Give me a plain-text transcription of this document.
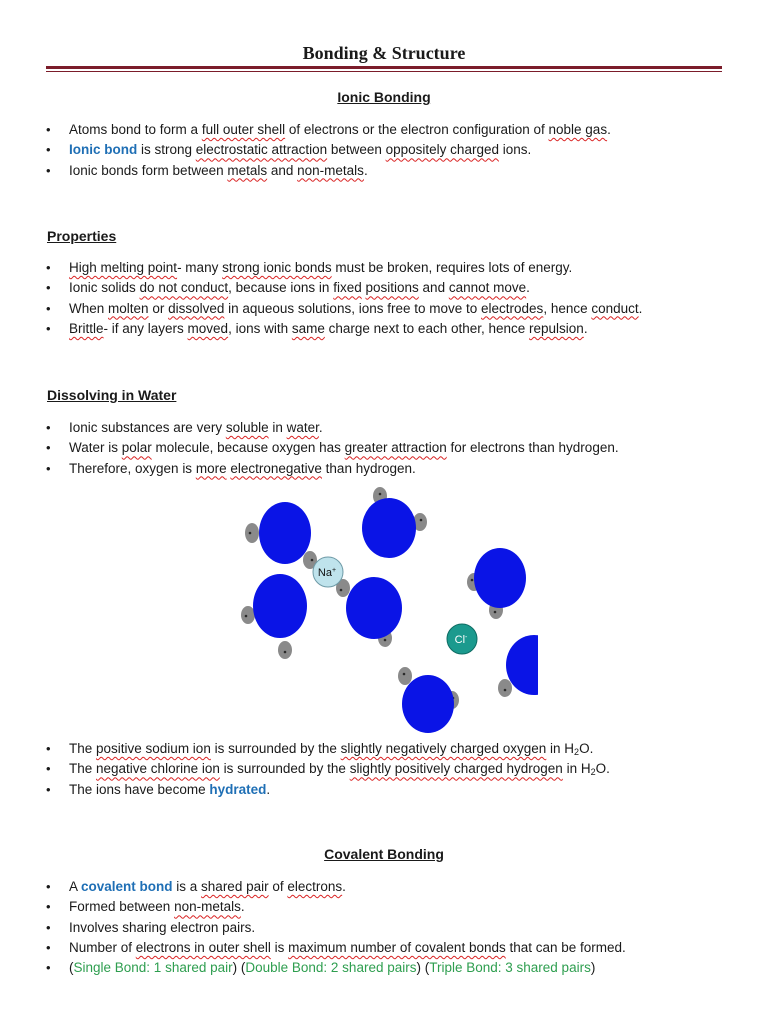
Bonding & Structure
Ionic Bonding
• Atoms bond to form a full outer shell of electrons or the electron configuration of noble gas.
• Ionic bond is strong electrostatic attraction between oppositely charged ions.
• Ionic bonds form between metals and non-metals.
Properties
• High melting point- many strong ionic bonds must be broken, requires lots of energy.
• Ionic solids do not conduct, because ions in fixed positions and cannot move.
• When molten or dissolved in aqueous solutions, ions free to move to electrodes, hence conduct.
• Brittle- if any layers moved, ions with same charge next to each other, hence repulsion.
Dissolving in Water
• Ionic substances are very soluble in water.
• Water is polar molecule, because oxygen has greater attraction for electrons than hydrogen.
• Therefore, oxygen is more electronegative than hydrogen.
Na+
Cl-
• The positive sodium ion is surrounded by the slightly negatively charged oxygen in $H_2O$.
• The negative chlorine ion is surrounded by the slightly positively charged hydrogen in $H_2O$.
• The ions have become hydrated.
Covalent Bonding
• A covalent bond is a shared pair of electrons.
• Formed between non-metals.
• Involves sharing electron pairs.
• Number of electrons in outer shell is maximum number of covalent bonds that can be formed.
• (Single Bond: 1 shared pair) (Double Bond: 2 shared pairs) (Triple Bond: 3 shared pairs)
